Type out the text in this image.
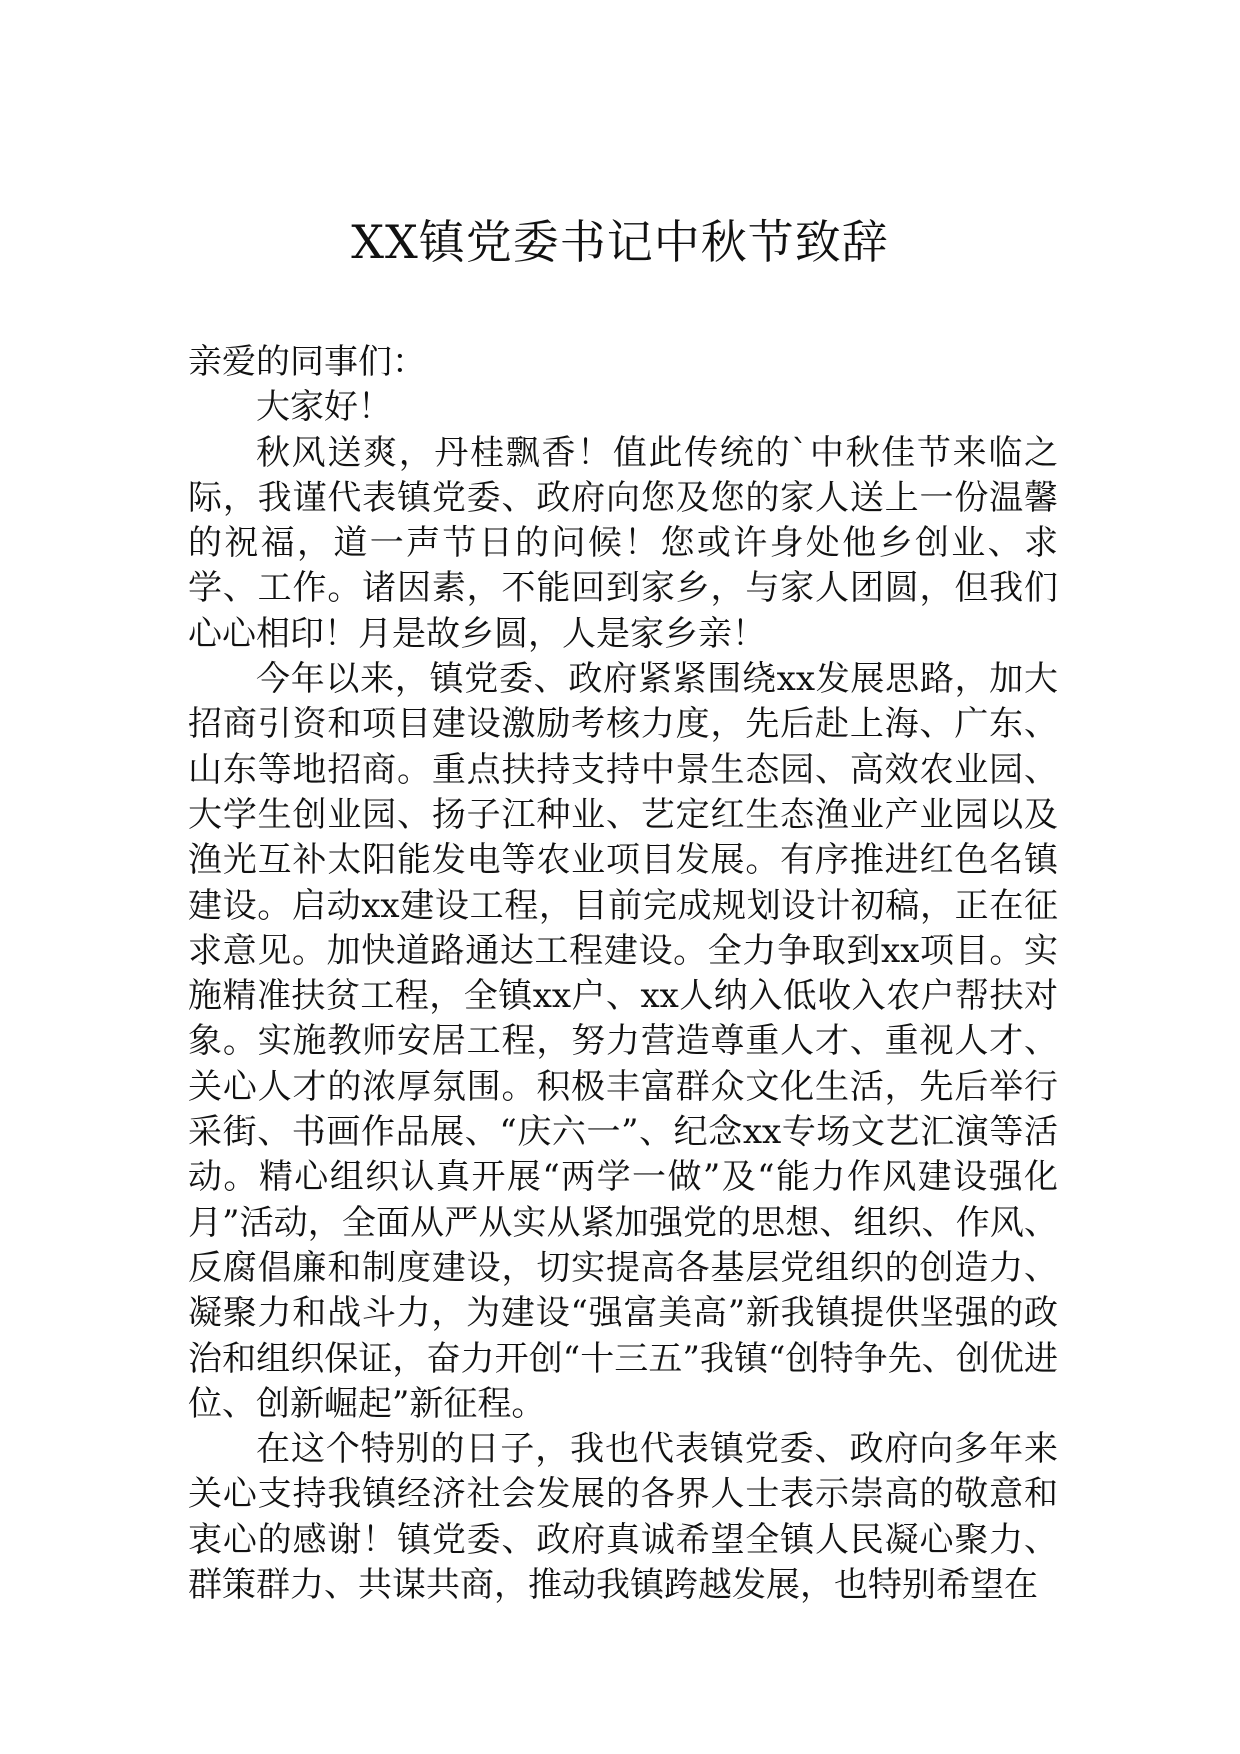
XX镇党委书记中秋节致辞

亲爱的同事们：

大家好！

秋风送爽，丹桂飘香！值此传统的`中秋佳节来临之际，我谨代表镇党委、政府向您及您的家人送上一份温馨的祝福，道一声节日的问候！您或许身处他乡创业、求学、工作。诸因素，不能回到家乡，与家人团圆，但我们心心相印！月是故乡圆，人是家乡亲！

今年以来，镇党委、政府紧紧围绕xx发展思路，加大招商引资和项目建设激励考核力度，先后赴上海、广东、山东等地招商。重点扶持支持中景生态园、高效农业园、大学生创业园、扬子江种业、艺定红生态渔业产业园以及渔光互补太阳能发电等农业项目发展。有序推进红色名镇建设。启动xx建设工程，目前完成规划设计初稿，正在征求意见。加快道路通达工程建设。全力争取到xx项目。实施精准扶贫工程，全镇xx户、xx人纳入低收入农户帮扶对象。实施教师安居工程，努力营造尊重人才、重视人才、关心人才的浓厚氛围。积极丰富群众文化生活，先后举行采街、书画作品展、“庆六一”、纪念xx专场文艺汇演等活动。精心组织认真开展“两学一做”及“能力作风建设强化月”活动，全面从严从实从紧加强党的思想、组织、作风、反腐倡廉和制度建设，切实提高各基层党组织的创造力、凝聚力和战斗力，为建设“强富美高”新我镇提供坚强的政治和组织保证，奋力开创“十三五”我镇“创特争先、创优进位、创新崛起”新征程。

在这个特别的日子，我也代表镇党委、政府向多年来关心支持我镇经济社会发展的各界人士表示崇高的敬意和衷心的感谢！镇党委、政府真诚希望全镇人民凝心聚力、群策群力、共谋共商，推动我镇跨越发展，也特别希望在
